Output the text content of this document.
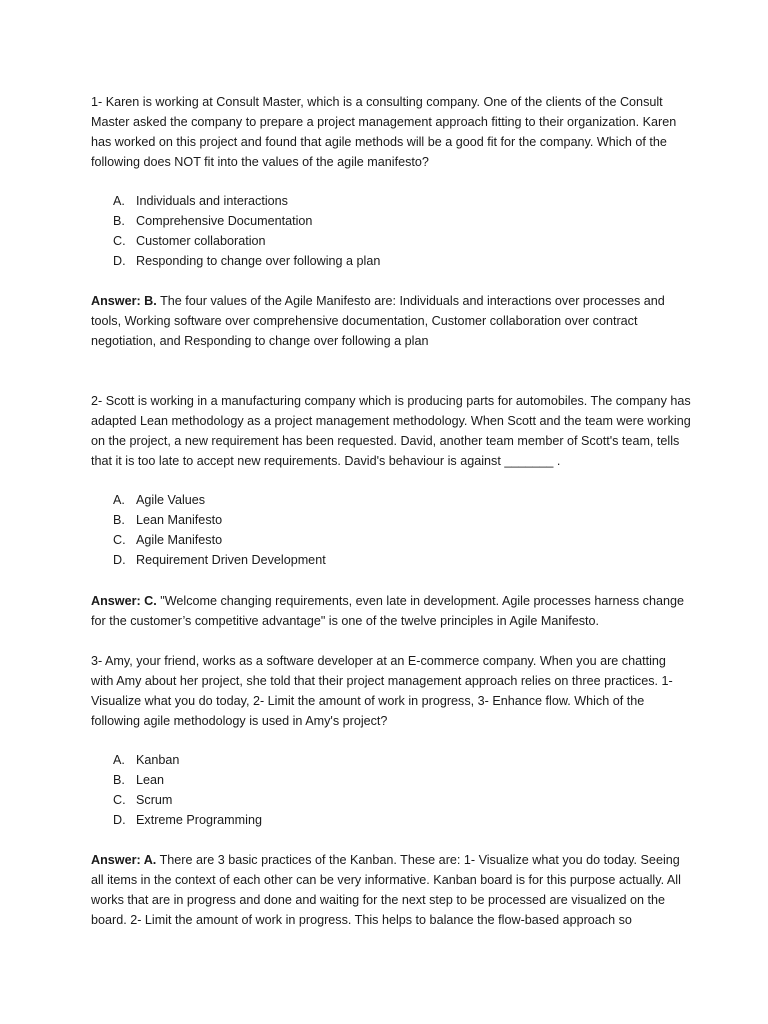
1- Karen is working at Consult Master, which is a consulting company. One of the clients of the Consult Master asked the company to prepare a project management approach fitting to their organization. Karen has worked on this project and found that agile methods will be a good fit for the company. Which of the following does NOT fit into the values of the agile manifesto?

A. Individuals and interactions
B. Comprehensive Documentation
C. Customer collaboration
D. Responding to change over following a plan

Answer: B. The four values of the Agile Manifesto are: Individuals and interactions over processes and tools, Working software over comprehensive documentation, Customer collaboration over contract negotiation, and Responding to change over following a plan

2- Scott is working in a manufacturing company which is producing parts for automobiles. The company has adapted Lean methodology as a project management methodology. When Scott and the team were working on the project, a new requirement has been requested. David, another team member of Scott's team, tells that it is too late to accept new requirements. David's behaviour is against _______ .

A. Agile Values
B. Lean Manifesto
C. Agile Manifesto
D. Requirement Driven Development

Answer: C. "Welcome changing requirements, even late in development. Agile processes harness change for the customer’s competitive advantage" is one of the twelve principles in Agile Manifesto.

3- Amy, your friend, works as a software developer at an E-commerce company. When you are chatting with Amy about her project, she told that their project management approach relies on three practices. 1- Visualize what you do today, 2- Limit the amount of work in progress, 3- Enhance flow. Which of the following agile methodology is used in Amy's project?

A. Kanban
B. Lean
C. Scrum
D. Extreme Programming

Answer: A. There are 3 basic practices of the Kanban. These are: 1- Visualize what you do today. Seeing all items in the context of each other can be very informative. Kanban board is for this purpose actually. All works that are in progress and done and waiting for the next step to be processed are visualized on the board. 2- Limit the amount of work in progress. This helps to balance the flow-based approach so
